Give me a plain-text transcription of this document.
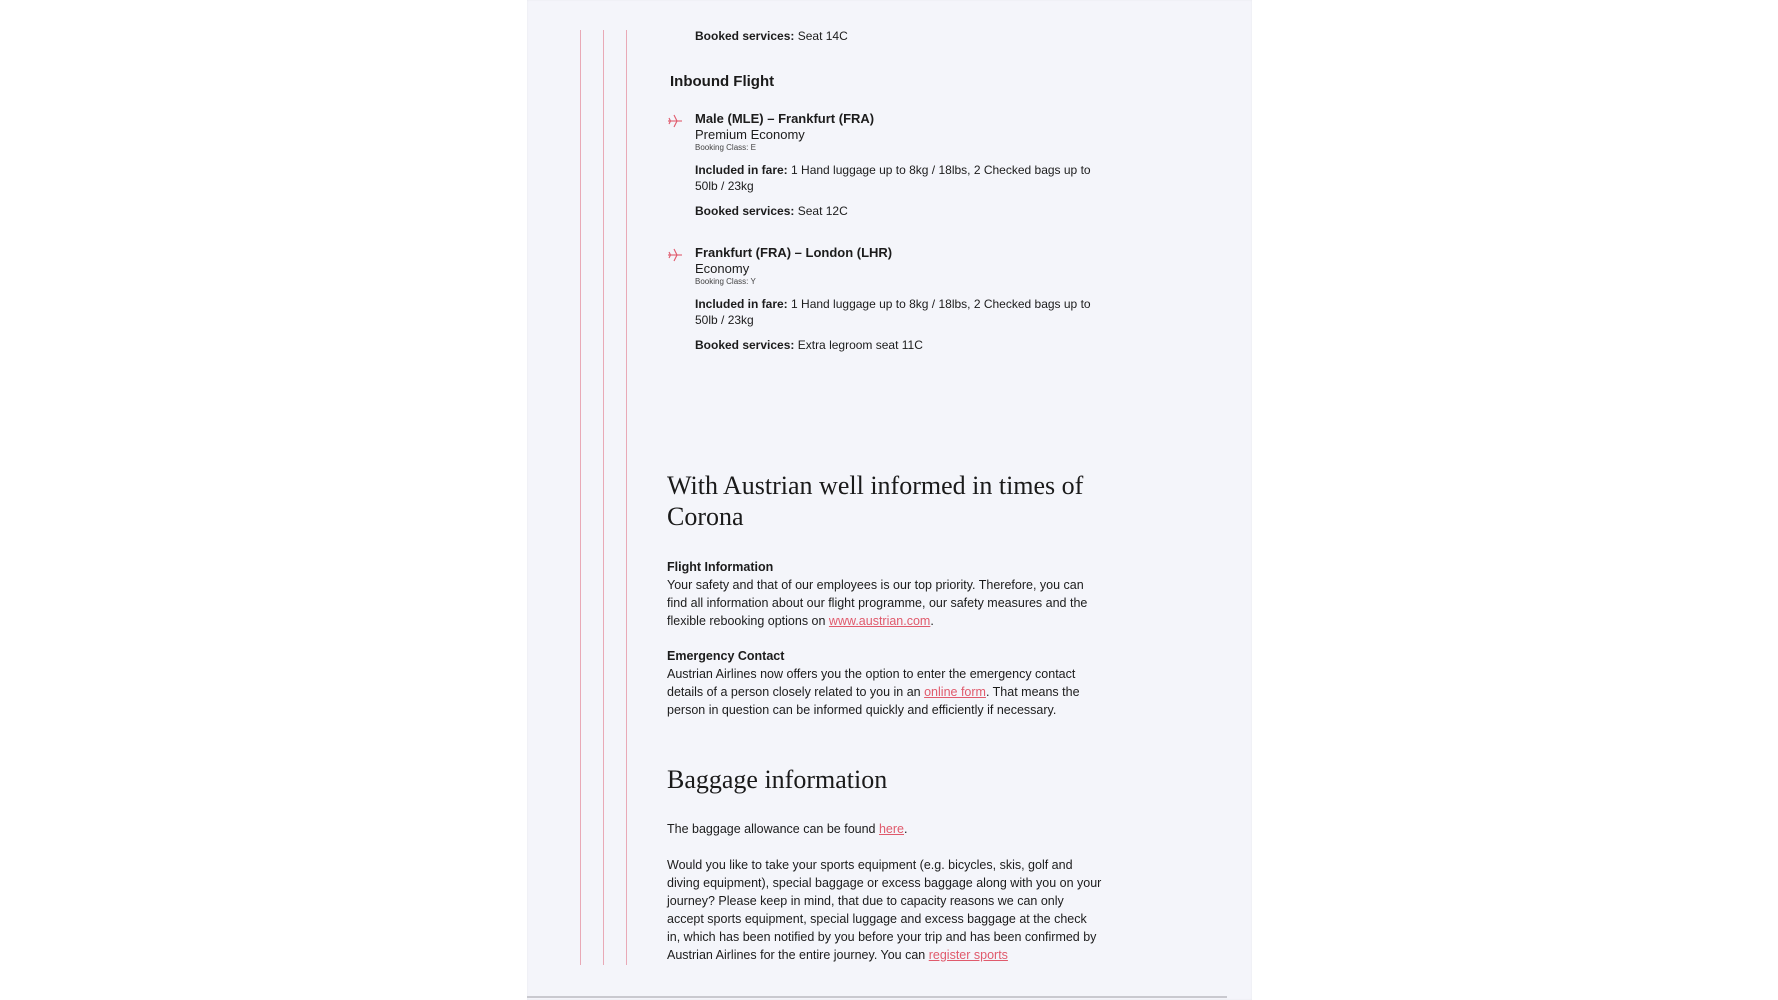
Booked services: Seat 14C
Inbound Flight
Male (MLE) – Frankfurt (FRA)
Premium Economy
Booking Class: E
Included in fare: 1 Hand luggage up to 8kg / 18lbs, 2 Checked bags up to 50lb / 23kg
Booked services: Seat 12C
Frankfurt (FRA) – London (LHR)
Economy
Booking Class: Y
Included in fare: 1 Hand luggage up to 8kg / 18lbs, 2 Checked bags up to 50lb / 23kg
Booked services: Extra legroom seat 11C
With Austrian well informed in times of Corona
Flight Information
Your safety and that of our employees is our top priority. Therefore, you can find all information about our flight programme, our safety measures and the flexible rebooking options on www.austrian.com.
Emergency Contact
Austrian Airlines now offers you the option to enter the emergency contact details of a person closely related to you in an online form. That means the person in question can be informed quickly and efficiently if necessary.
Baggage information
The baggage allowance can be found here.
Would you like to take your sports equipment (e.g. bicycles, skis, golf and diving equipment), special baggage or excess baggage along with you on your journey? Please keep in mind, that due to capacity reasons we can only accept sports equipment, special luggage and excess baggage at the check in, which has been notified by you before your trip and has been confirmed by Austrian Airlines for the entire journey. You can register sports
